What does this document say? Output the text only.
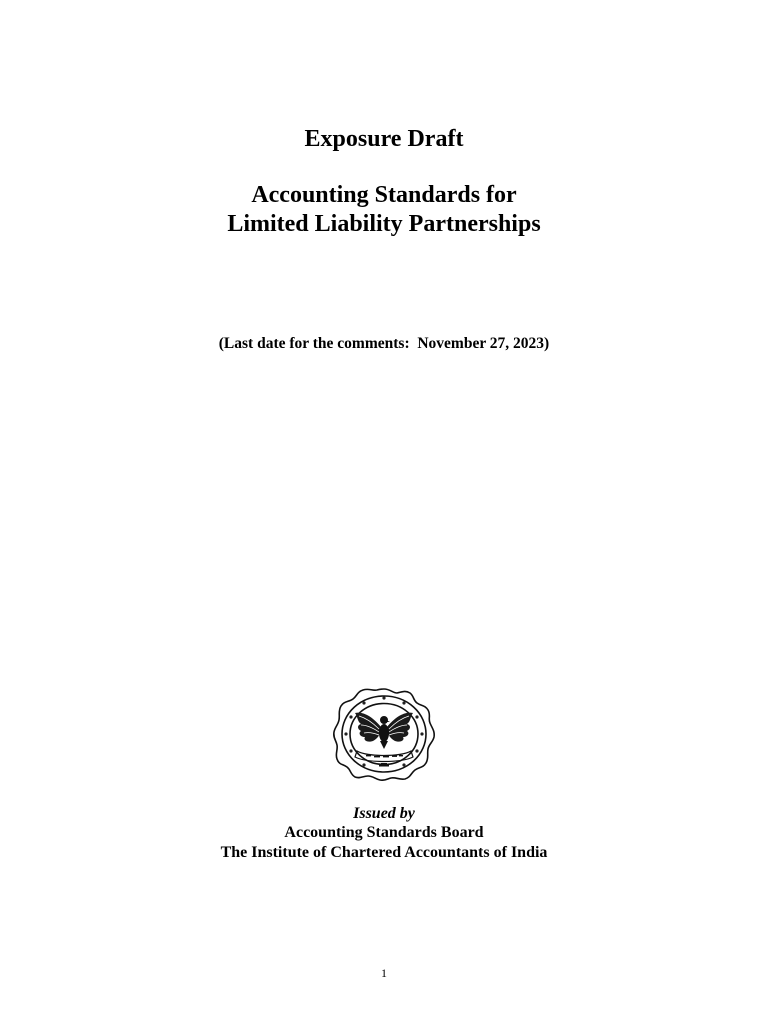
Exposure Draft
Accounting Standards for
Limited Liability Partnerships

(Last date for the comments:  November 27, 2023)

Issued by

Accounting Standards Board

The Institute of Chartered Accountants of India

1
